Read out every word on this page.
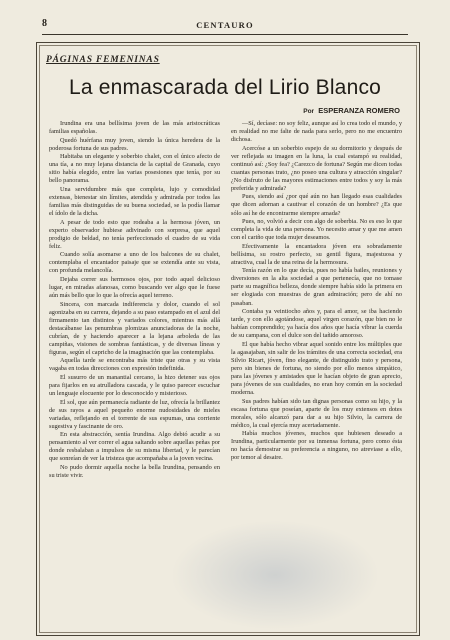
8	CENTAURO
PÁGINAS FEMENINAS
La enmascarada del Lirio Blanco
Por ESPERANZA ROMERO

Irundina era una bellísima joven de las más aristocráticas familias españolas.

Quedó huérfana muy joven, siendo la única heredera de la poderosa fortuna de sus padres.

Habitaba un elegante y soberbio chalet, con el único afecto de una tía, a no muy lejana distancia de la capital de Granada, cuyo sitio había elegido, entre las varias posesiones que tenía, por su bello panorama.

Una servidumbre más que completa, lujo y comodidad extensas, bienestar sin límites, atendida y admirada por todos las familias más distinguidas de su buena sociedad, se la podía llamar el ídolo de la dicha.

A pesar de todo esto que rodeaba a la hermosa jóven, un experto observador hubiese adivinado con sorpresa, que aquel prodigio de beldad, no tenía perfeccionado el cuadro de su vida feliz.

Cuando solía asomarse a uno de los balcones de su chalet, contemplaba el encantador paisaje que se extendía ante su vista, con profunda melancolía.

Dejaba correr sus hermosos ojos, por todo aquel delicioso lugar, en miradas afanosas, como buscando ver algo que le fuese aún más bello que lo que la ofrecía aquel terreno.

Sincera, con marcada indiferencia y dolor, cuando el sol agonizaba en su carrera, dejando a su paso estampado en el azul del firmamento tan distintos y variados colores, mientras más allá destacábanse las penumbras plomizas anunciadoras de la noche, cubrían, de y haciendo aparecer a la lejana arboleda de las campiñas, visiones de sombras fantásticas, y de diversas líneas y figuras, según el capricho de la imaginación que las contemplaba.

Aquella tarde se encontraba más triste que otras y su vista vagaba en todas direcciones con expresión indefinida.

El susurro de un manantial cercano, la hizo detener sus ojos para fijarlos en su atrulladora cascada, y le quiso parecer escuchar un lenguaje elocuente por lo desconocido y misterioso.

El sol, que aún permanecía radiante de luz, ofrecía la brillantez de sus rayos a aquel pequeño enorme nudosidades de mieles variadas, reflejando en el torrente de sus espumas, una corriente sugestiva y fascinante de oro.

En esta abstracción, sentía Irundina. Algo debió acudir a su pensamiento al ver correr el agua saltando sobre aquellas peñas por donde resbalaban a impulsos de su misma libertad, y le parecían que sonreían de ver la tristeza que acompañaba a la joven vecina.

No pudo dormir aquella noche la bella Irundina, pensando en su triste vivir.

—Sí, decíase: no soy feliz, aunque así lo crea todo el mundo, y en realidad no me falte de nada para serlo, pero no me encuentro dichosa.

Acercóse a un soberbio espejo de su dormitorio y después de ver reflejada su imagen en la luna, la cual estampó su realidad, continuó así: ¿Soy fea? ¿Carezco de fortuna? Según me dicen todas cuantas personas trato, ¿no poseo una cultura y atracción singular? ¿No disfruto de las mayores estimaciones entre todos y soy la más preferida y admirada?

Pues, siendo así ¿por qué aún no han llegado esas cualidades que dicen adornan a cautivar el corazón de un hombre? ¿Es que sólo así he de encontrarme siempre amada?

Pues, no, volvió a decir con algo de soberbia. No es eso lo que completa la vida de una persona. Yo necesito amar y que me amen con el cariño que toda mujer deseamos.

Efectivamente la encantadora jóven era sobradamente bellísima, su rostro perfecto, su gentil figura, majestuosa y atractiva, cual la de una reina de la hermosura.

Tenía razón en lo que decía, pues no había bailes, reuniones y diversiones en la alta sociedad a que pertenecía, que no tomase parte su magnífica belleza, donde siempre había sido la primera en ser elogiada con muestras de gran admiración; pero de ahí no pasaban.

Contaba ya veintiocho años y, para el amor, se iba haciendo tarde, y con ello agotándose, aquel virgen corazón, que bien no le habían comprendido; ya hacía dos años que hacía vibrar la cuerda de su campana, con el dulce son del tañido amoroso.

El que había hecho vibrar aquel sonido entre los múltiples que la agasajaban, sin salir de los trámites de una correcta sociedad, era Silvio Ricart, jóven, fino elegante, de distinguido trato y persona, pero sin bienes de fortuna, no siendo por ello menos simpático, para las jóvenes y amistades que le hacían objeto de gran aprecio, para jóvenes de sus cualidades, no eran hoy común en la sociedad moderna.

Sus padres habían sido tan dignas personas como su hijo, y la escasa fortuna que poseían, aparte de los muy extensos en dotes morales, sólo alcanzó para dar a su hijo Silvio, la carrera de médico, la cual ejercía muy acertadamente.

Había muchos jóvenes, muchos que hubiesen deseado a Irundina, particularmente por su inmensa fortuna, pero como ésta no hacía demostrar su preferencia a ninguno, no atreviase a ello, por temor al desaire.
